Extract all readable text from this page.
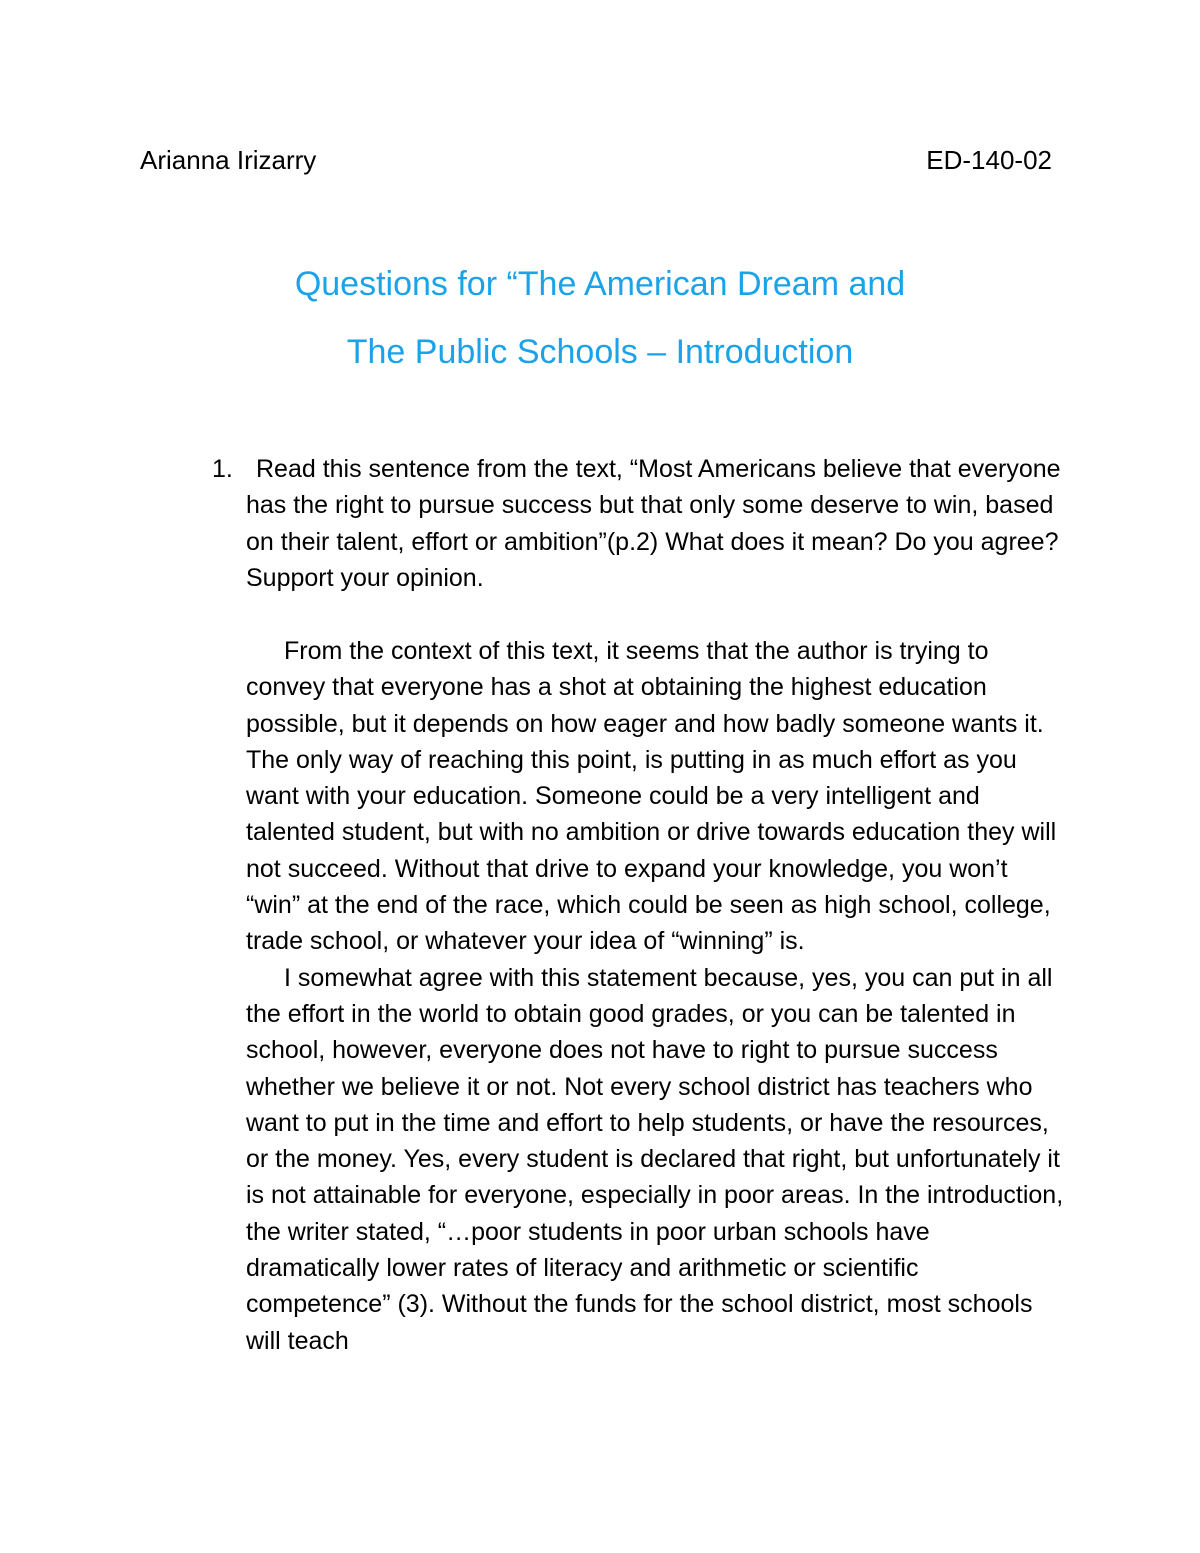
Arianna Irizarry	ED-140-02
Questions for “The American Dream and
The Public Schools – Introduction
1. Read this sentence from the text, “Most Americans believe that everyone has the right to pursue success but that only some deserve to win, based on their talent, effort or ambition”(p.2) What does it mean? Do you agree? Support your opinion.

From the context of this text, it seems that the author is trying to convey that everyone has a shot at obtaining the highest education possible, but it depends on how eager and how badly someone wants it. The only way of reaching this point, is putting in as much effort as you want with your education. Someone could be a very intelligent and talented student, but with no ambition or drive towards education they will not succeed. Without that drive to expand your knowledge, you won’t “win” at the end of the race, which could be seen as high school, college, trade school, or whatever your idea of “winning” is.

I somewhat agree with this statement because, yes, you can put in all the effort in the world to obtain good grades, or you can be talented in school, however, everyone does not have to right to pursue success whether we believe it or not. Not every school district has teachers who want to put in the time and effort to help students, or have the resources, or the money. Yes, every student is declared that right, but unfortunately it is not attainable for everyone, especially in poor areas. In the introduction, the writer stated, “…poor students in poor urban schools have dramatically lower rates of literacy and arithmetic or scientific competence” (3). Without the funds for the school district, most schools will teach
